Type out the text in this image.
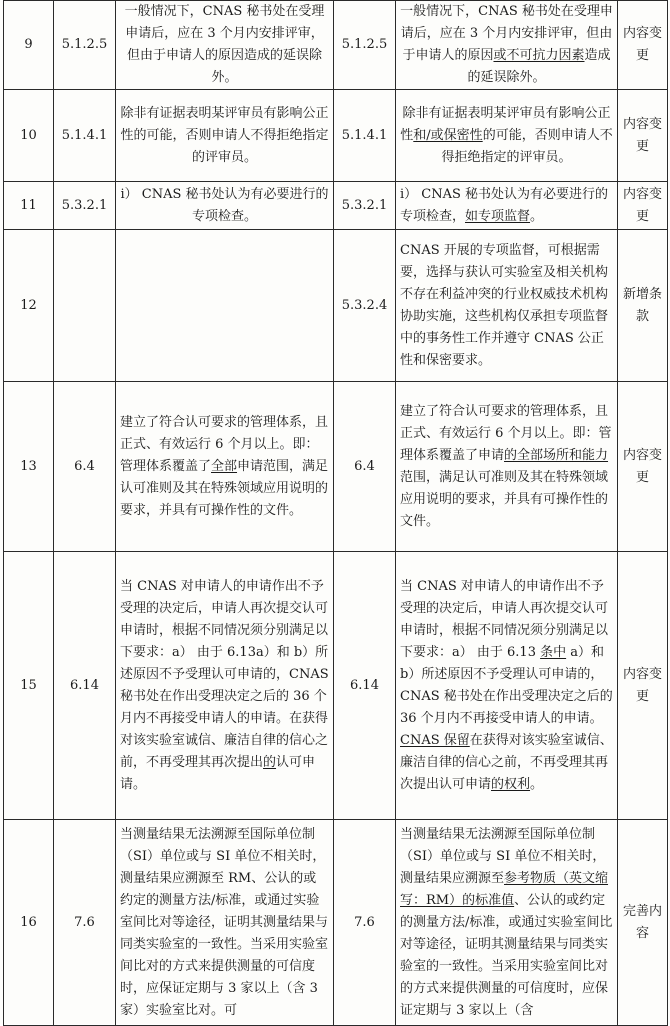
9	5.1.2.5	一般情况下，CNAS 秘书处在受理申请后，应在 3 个月内安排评审，但由于申请人的原因造成的延误除外。	5.1.2.5	一般情况下，CNAS 秘书处在受理申请后，应在 3 个月内安排评审，但由于申请人的原因或不可抗力因素造成的延误除外。	内容变更
10	5.1.4.1	除非有证据表明某评审员有影响公正性的可能，否则申请人不得拒绝指定的评审员。	5.1.4.1	除非有证据表明某评审员有影响公正性和/或保密性的可能，否则申请人不得拒绝指定的评审员。	内容变更
11	5.3.2.1	i） CNAS 秘书处认为有必要进行的专项检查。	5.3.2.1	i） CNAS 秘书处认为有必要进行的专项检查，如专项监督。	内容变更
12			5.3.2.4	CNAS 开展的专项监督，可根据需要，选择与获认可实验室及相关机构不存在利益冲突的行业权威技术机构协助实施，这些机构仅承担专项监督中的事务性工作并遵守 CNAS 公正性和保密要求。	新增条款
13	6.4	建立了符合认可要求的管理体系，且正式、有效运行 6 个月以上。即：管理体系覆盖了全部申请范围，满足认可准则及其在特殊领域应用说明的要求，并具有可操作性的文件。	6.4	建立了符合认可要求的管理体系，且正式、有效运行 6 个月以上。即：管理体系覆盖了申请的全部场所和能力范围，满足认可准则及其在特殊领域应用说明的要求，并具有可操作性的文件。	内容变更
15	6.14	当 CNAS 对申请人的申请作出不予受理的决定后，申请人再次提交认可申请时，根据不同情况须分别满足以下要求：a） 由于 6.13a）和 b）所述原因不予受理认可申请的，CNAS 秘书处在作出受理决定之后的 36 个月内不再接受申请人的申请。在获得对该实验室诚信、廉洁自律的信心之前，不再受理其再次提出的认可申请。	6.14	当 CNAS 对申请人的申请作出不予受理的决定后，申请人再次提交认可申请时，根据不同情况须分别满足以下要求：a） 由于 6.13 条中 a）和 b）所述原因不予受理认可申请的，CNAS 秘书处在作出受理决定之后的 36 个月内不再接受申请人的申请。CNAS 保留在获得对该实验室诚信、廉洁自律的信心之前，不再受理其再次提出认可申请的权利。	内容变更
16	7.6	当测量结果无法溯源至国际单位制（SI）单位或与 SI 单位不相关时，测量结果应溯源至 RM、公认的或约定的测量方法/标准，或通过实验室间比对等途径，证明其测量结果与同类实验室的一致性。当采用实验室间比对的方式来提供测量的可信度时，应保证定期与 3 家以上（含 3 家）实验室比对。可	7.6	当测量结果无法溯源至国际单位制（SI）单位或与 SI 单位不相关时，测量结果应溯源至参考物质（英文缩写：RM）的标准值、公认的或约定的测量方法/标准，或通过实验室间比对等途径，证明其测量结果与同类实验室的一致性。当采用实验室间比对的方式来提供测量的可信度时，应保证定期与 3 家以上（含	完善内容
